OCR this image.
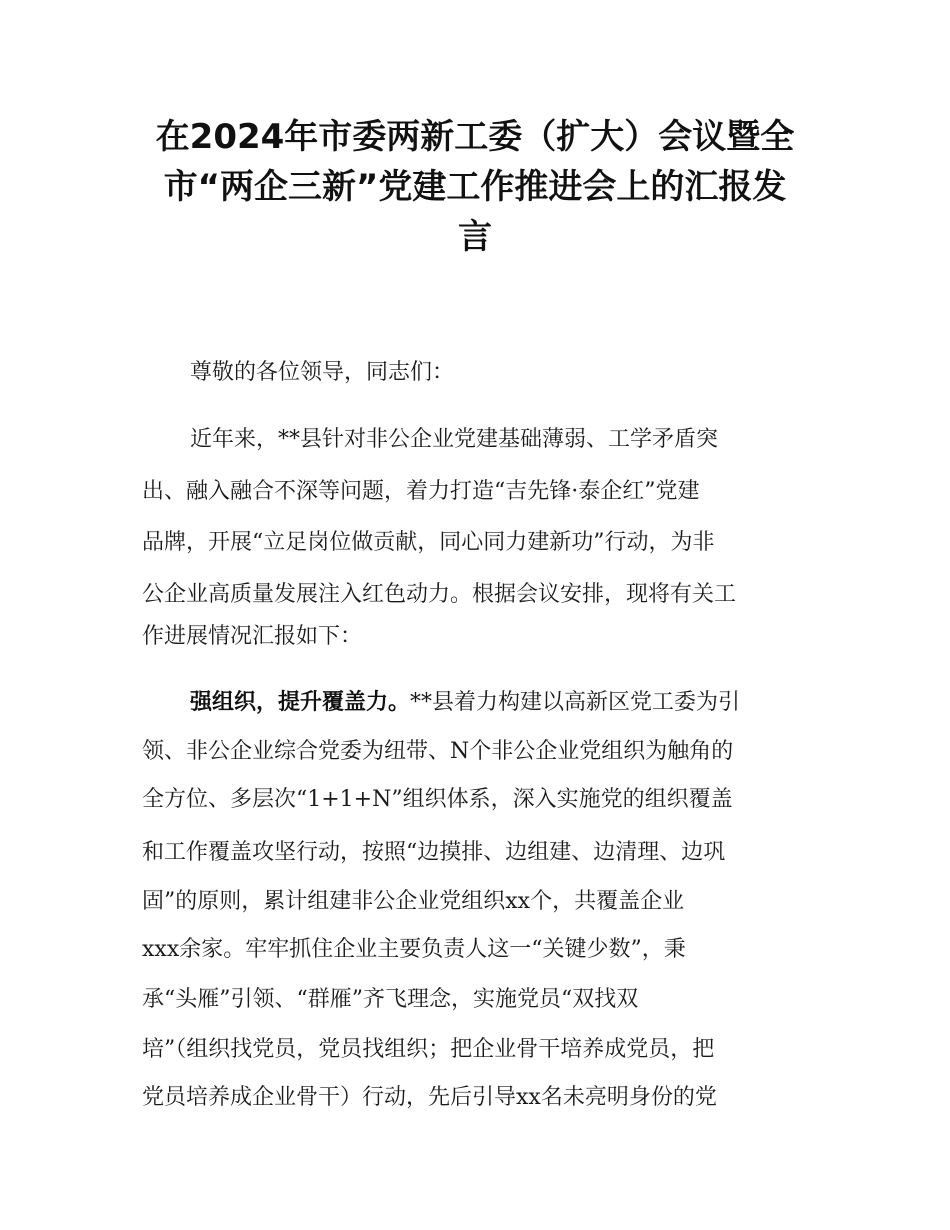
在2024年市委两新工委（扩大）会议暨全
市“两企三新”党建工作推进会上的汇报发
言
尊敬的各位领导，同志们：
近年来，**县针对非公企业党建基础薄弱、工学矛盾突
出、融入融合不深等问题，着力打造“吉先锋·泰企红”党建
品牌，开展“立足岗位做贡献，同心同力建新功”行动，为非
公企业高质量发展注入红色动力。根据会议安排，现将有关工
作进展情况汇报如下：
强组织，提升覆盖力。**县着力构建以高新区党工委为引
领、非公企业综合党委为纽带、N个非公企业党组织为触角的
全方位、多层次“1+1+N”组织体系，深入实施党的组织覆盖
和工作覆盖攻坚行动，按照“边摸排、边组建、边清理、边巩
固”的原则，累计组建非公企业党组织xx个，共覆盖企业
xxx余家。牢牢抓住企业主要负责人这一“关键少数”，秉
承“头雁”引领、“群雁”齐飞理念，实施党员“双找双
培”（组织找党员，党员找组织；把企业骨干培养成党员，把
党员培养成企业骨干）行动，先后引导xx名未亮明身份的党
